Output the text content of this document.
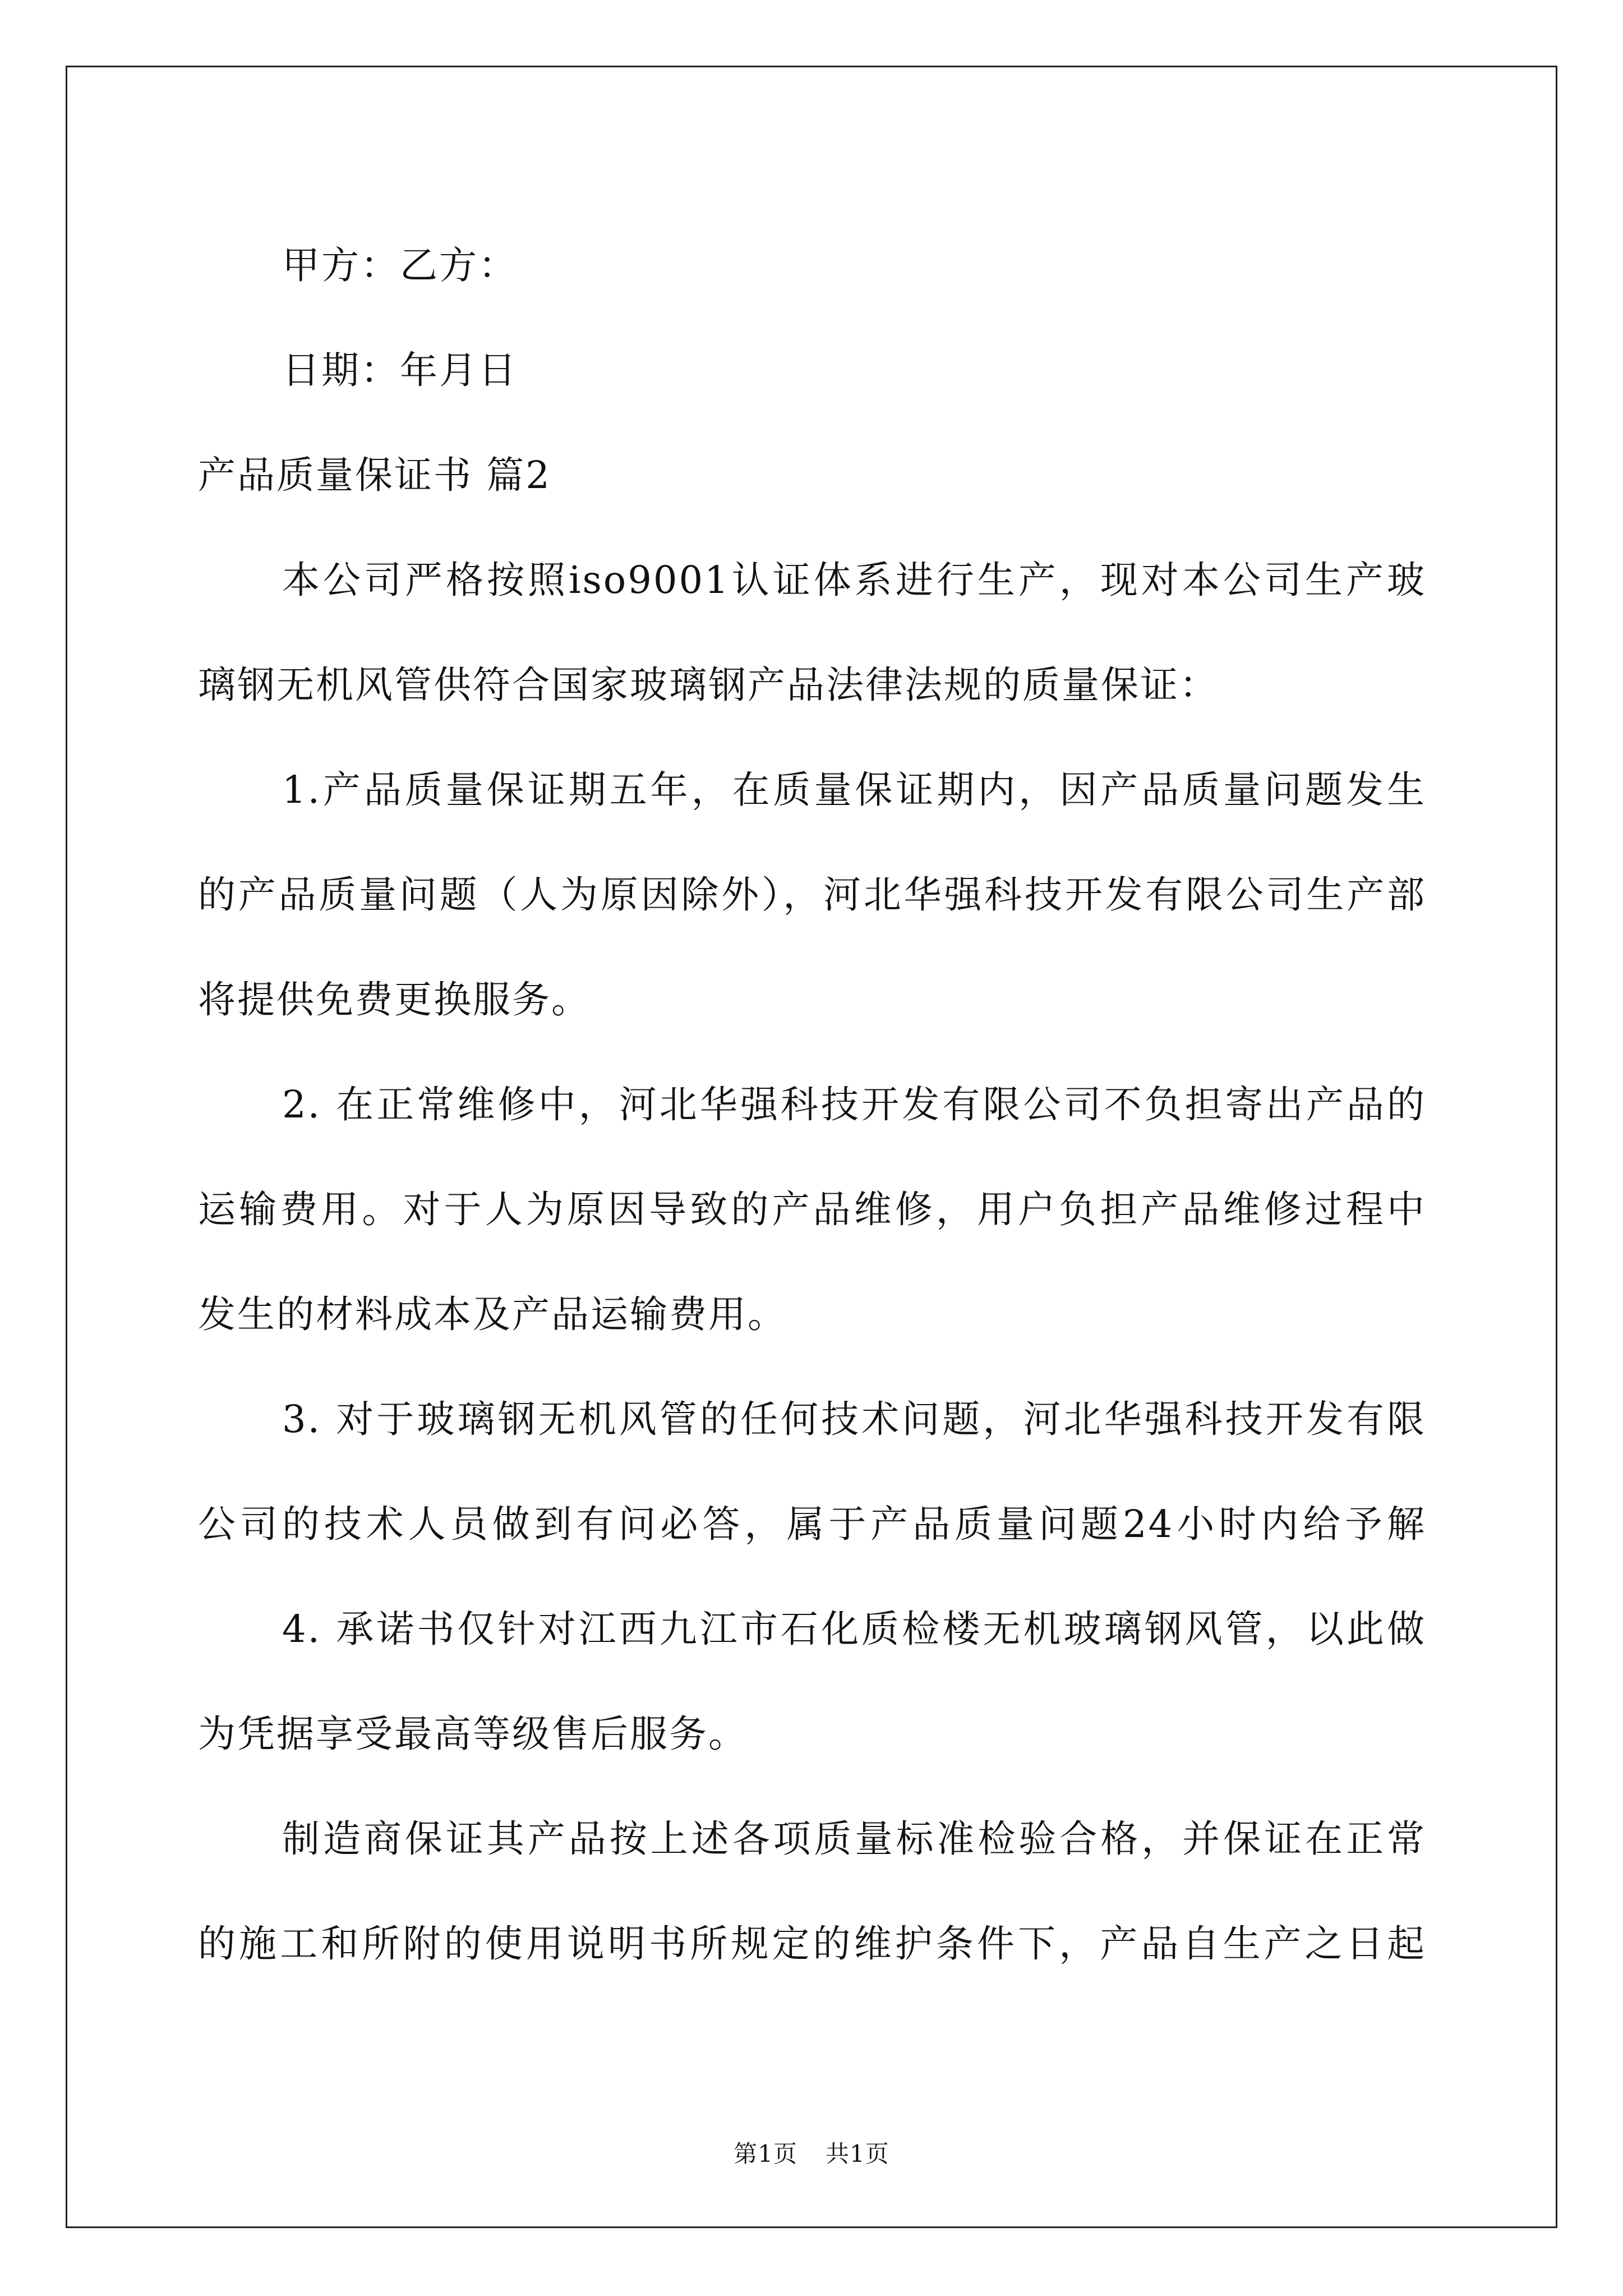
甲方：乙方：
日期：年月日
产品质量保证书 篇2
本公司严格按照iso9001认证体系进行生产，现对本公司生产玻
璃钢无机风管供符合国家玻璃钢产品法律法规的质量保证：
1.产品质量保证期五年，在质量保证期内，因产品质量问题发生
的产品质量问题（人为原因除外），河北华强科技开发有限公司生产部
将提供免费更换服务。
2. 在正常维修中，河北华强科技开发有限公司不负担寄出产品的
运输费用。对于人为原因导致的产品维修，用户负担产品维修过程中
发生的材料成本及产品运输费用。
3. 对于玻璃钢无机风管的任何技术问题，河北华强科技开发有限
公司的技术人员做到有问必答，属于产品质量问题24小时内给予解
4. 承诺书仅针对江西九江市石化质检楼无机玻璃钢风管，以此做
为凭据享受最高等级售后服务。
制造商保证其产品按上述各项质量标准检验合格，并保证在正常
的施工和所附的使用说明书所规定的维护条件下，产品自生产之日起
第1页 共1页
